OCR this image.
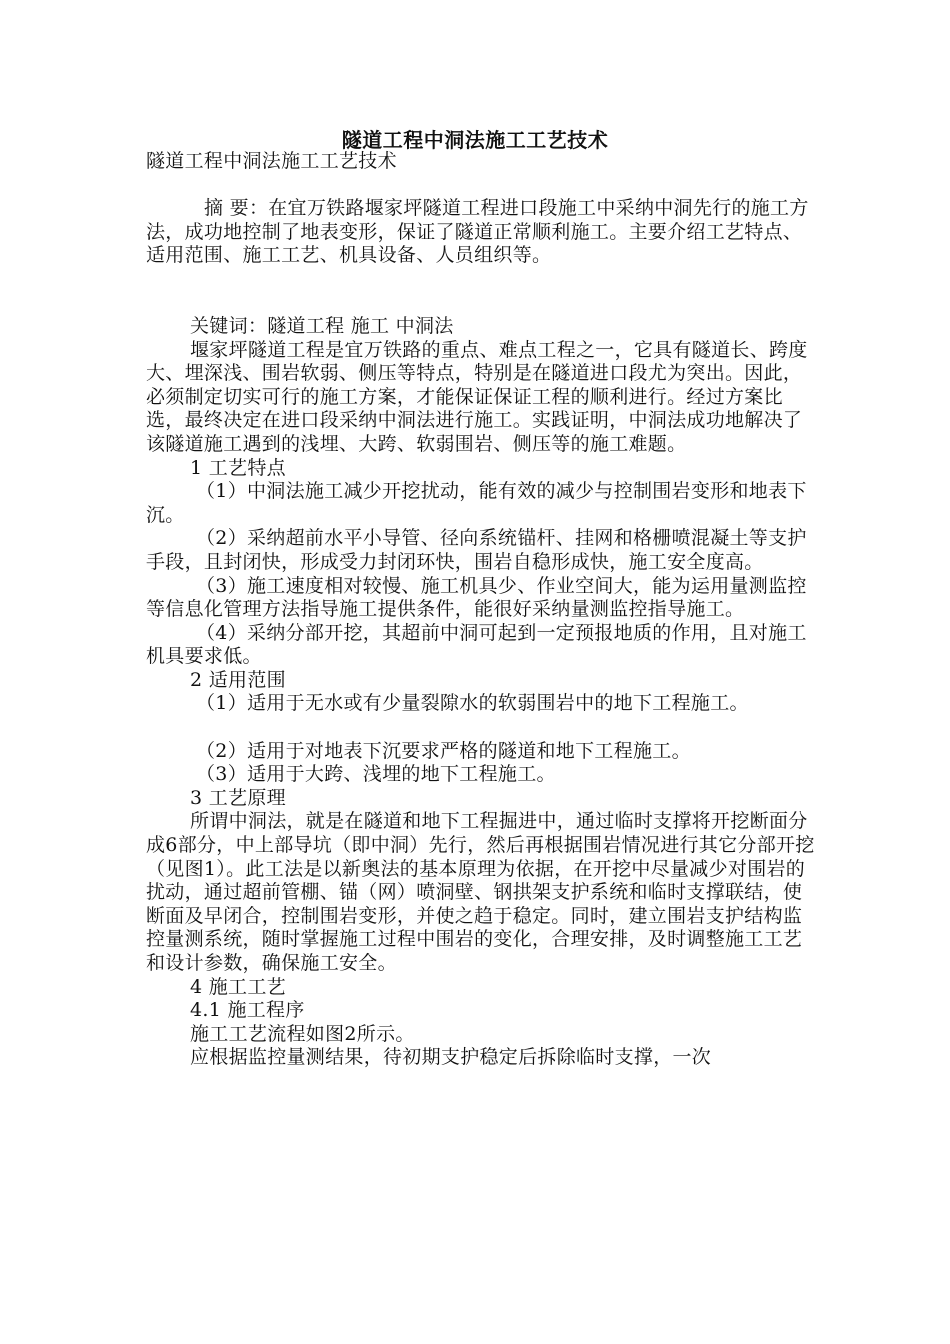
隧道工程中洞法施工工艺技术

隧道工程中洞法施工工艺技术

摘 要：在宜万铁路堰家坪隧道工程进口段施工中采纳中洞先行的施工方法，成功地控制了地表变形，保证了隧道正常顺利施工。主要介绍工艺特点、适用范围、施工工艺、机具设备、人员组织等。

关键词：隧道工程 施工 中洞法

堰家坪隧道工程是宜万铁路的重点、难点工程之一，它具有隧道长、跨度大、埋深浅、围岩软弱、侧压等特点，特别是在隧道进口段尤为突出。因此，必须制定切实可行的施工方案，才能保证保证工程的顺利进行。经过方案比选，最终决定在进口段采纳中洞法进行施工。实践证明，中洞法成功地解决了该隧道施工遇到的浅埋、大跨、软弱围岩、侧压等的施工难题。

1 工艺特点

（1）中洞法施工减少开挖扰动，能有效的减少与控制围岩变形和地表下沉。

（2）采纳超前水平小导管、径向系统锚杆、挂网和格栅喷混凝土等支护手段，且封闭快，形成受力封闭环快，围岩自稳形成快，施工安全度高。

（3）施工速度相对较慢、施工机具少、作业空间大，能为运用量测监控等信息化管理方法指导施工提供条件，能很好采纳量测监控指导施工。

（4）采纳分部开挖，其超前中洞可起到一定预报地质的作用，且对施工机具要求低。

2 适用范围

（1）适用于无水或有少量裂隙水的软弱围岩中的地下工程施工。

（2）适用于对地表下沉要求严格的隧道和地下工程施工。

（3）适用于大跨、浅埋的地下工程施工。

3 工艺原理

所谓中洞法，就是在隧道和地下工程掘进中，通过临时支撑将开挖断面分成6部分，中上部导坑（即中洞）先行，然后再根据围岩情况进行其它分部开挖（见图1）。此工法是以新奥法的基本原理为依据，在开挖中尽量减少对围岩的扰动，通过超前管棚、锚（网）喷洞壁、钢拱架支护系统和临时支撑联结，使断面及早闭合，控制围岩变形，并使之趋于稳定。同时，建立围岩支护结构监控量测系统，随时掌握施工过程中围岩的变化，合理安排，及时调整施工工艺和设计参数，确保施工安全。

4 施工工艺

4.1 施工程序

施工工艺流程如图2所示。

应根据监控量测结果，待初期支护稳定后拆除临时支撑，一次
